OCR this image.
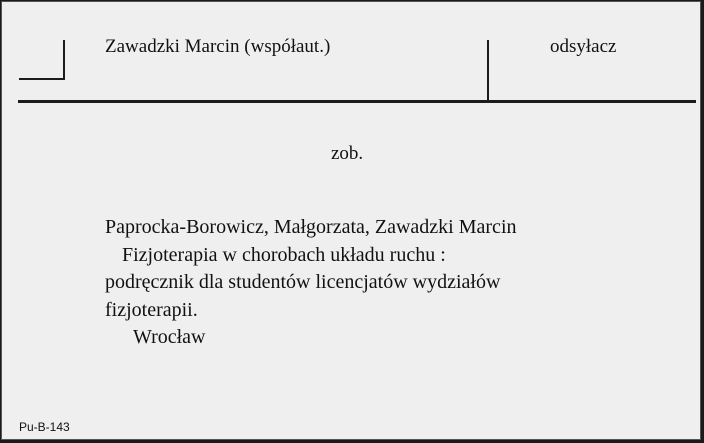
Zawadzki Marcin (współaut.)	odsyłacz
zob.
Paprocka-Borowicz, Małgorzata, Zawadzki Marcin
Fizjoterapia w chorobach układu ruchu :
podręcznik dla studentów licencjatów wydziałów
fizjoterapii.
Wrocław
Pu-B-143
